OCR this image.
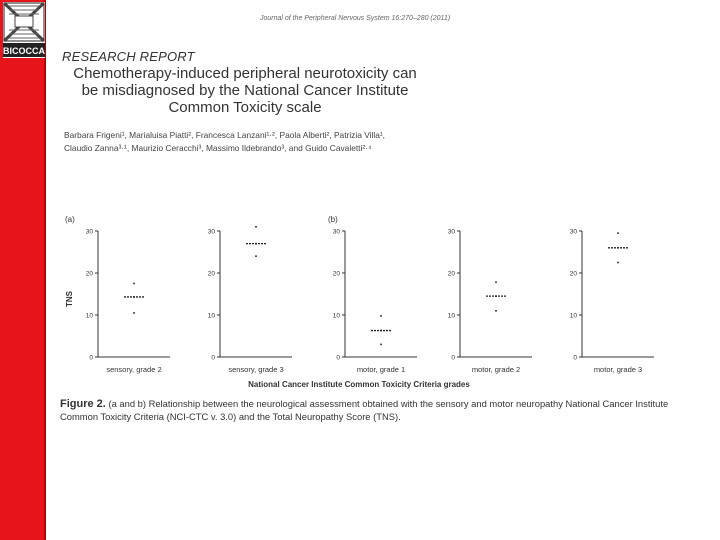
BICOCCA
Journal of the Peripheral Nervous System 16:270–280 (2011)
RESEARCH REPORT
Chemotherapy-induced peripheral neurotoxicity can
be misdiagnosed by the National Cancer Institute
Common Toxicity scale
Barbara Frigeni¹, Marialuisa Piatti², Francesca Lanzani¹·², Paola Alberti², Patrizia Villa¹,
Claudio Zanna³·¹, Maurizio Ceracchi³, Massimo Ildebrando³, and Guido Cavaletti²·⁴
(a)	(b)
TNS
National Cancer Institute Common Toxicity Criteria grades
0
10
20
30
sensory, grade 2
0
10
20
30
sensory, grade 3
0
10
20
30
motor, grade 1
0
10
20
30
motor, grade 2
0
10
20
30
motor, grade 3
Figure 2. (a and b) Relationship between the neurological assessment obtained with the sensory and motor neuropathy National Cancer Institute Common Toxicity Criteria (NCI-CTC v. 3.0) and the Total Neuropathy Score (TNS).
